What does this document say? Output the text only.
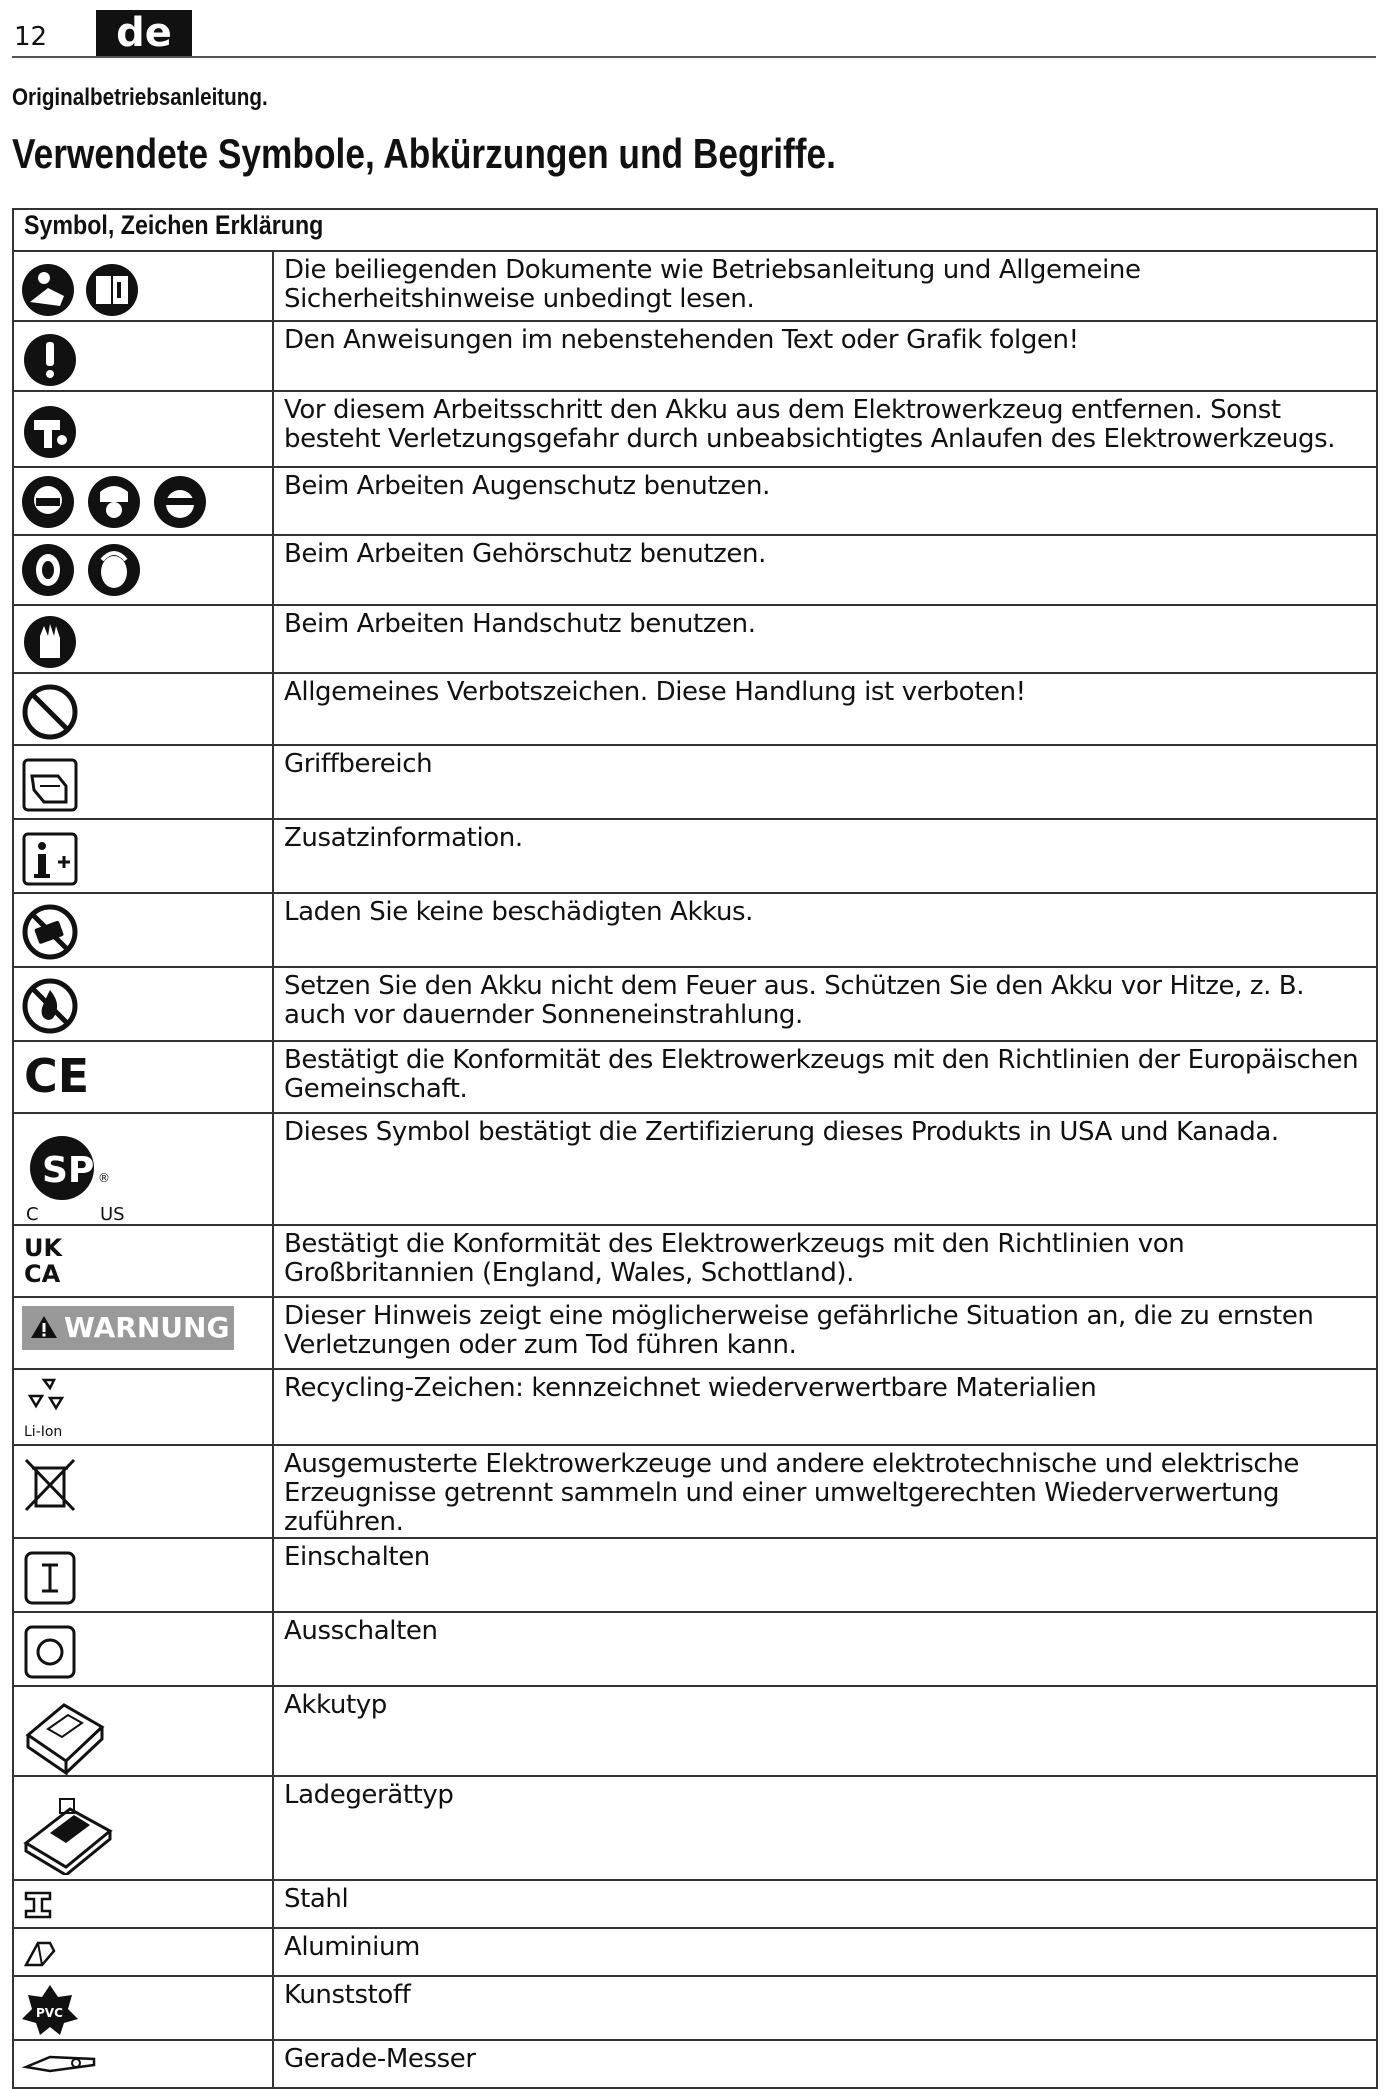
12	de
Originalbetriebsanleitung.
Verwendete Symbole, Abkürzungen und Begriffe.
Symbol, Zeichen Erklärung	

	Die beiliegenden Dokumente wie Betriebsanleitung und Allgemeine Sicherheitshinweise unbedingt lesen.

	Den Anweisungen im nebenstehenden Text oder Grafik folgen!

	Vor diesem Arbeitsschritt den Akku aus dem Elektrowerkzeug entfernen. Sonst besteht Verletzungsgefahr durch unbeabsichtigtes Anlaufen des Elektrowerkzeugs.

	Beim Arbeiten Augenschutz benutzen.

	Beim Arbeiten Gehörschutz benutzen.

	Beim Arbeiten Handschutz benutzen.

	Allgemeines Verbotszeichen. Diese Handlung ist verboten!

	Griffbereich

	Zusatzinformation.

	Laden Sie keine beschädigten Akkus.

	Setzen Sie den Akku nicht dem Feuer aus. Schützen Sie den Akku vor Hitze, z. B. auch vor dauernder Sonneneinstrahlung.

CE	Bestätigt die Konformität des Elektrowerkzeugs mit den Richtlinien der Europäischen Gemeinschaft.

SP ®
C US	Dieses Symbol bestätigt die Zertifizierung dieses Produkts in USA und Kanada.

UK
CA	Bestätigt die Konformität des Elektrowerkzeugs mit den Richtlinien von Großbritannien (England, Wales, Schottland).

WARNUNG	Dieser Hinweis zeigt eine möglicherweise gefährliche Situation an, die zu ernsten Verletzungen oder zum Tod führen kann.

Li-Ion	Recycling-Zeichen: kennzeichnet wiederverwertbare Materialien

	Ausgemusterte Elektrowerkzeuge und andere elektrotechnische und elektrische Erzeugnisse getrennt sammeln und einer umweltgerechten Wiederverwertung zuführen.

	Einschalten

	Ausschalten

	Akkutyp

	Ladegerättyp

	Stahl

	Aluminium

PVC	Kunststoff

	Gerade-Messer
